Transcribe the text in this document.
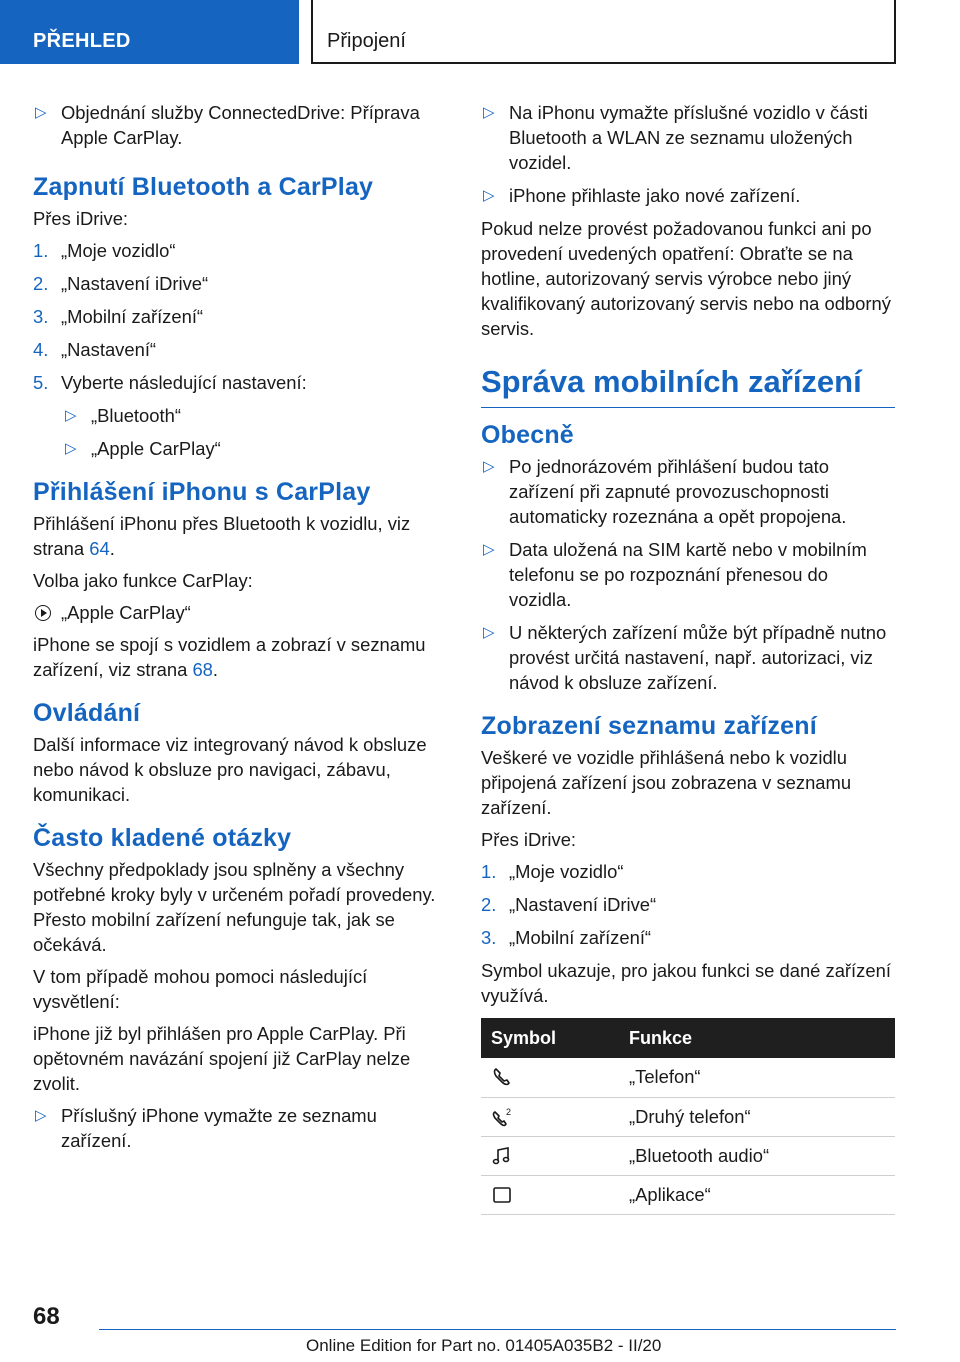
PŘEHLED	Připojení
▷ Objednání služby ConnectedDrive: Příprava Apple CarPlay.
Zapnutí Bluetooth a CarPlay

Přes iDrive:

1. „Moje vozidlo“
2. „Nastavení iDrive“
3. „Mobilní zařízení“
4. „Nastavení“
5. Vyberte následující nastavení:
▷ „Bluetooth“
▷ „Apple CarPlay“
Přihlášení iPhonu s CarPlay

Přihlášení iPhonu přes Bluetooth k vozidlu, viz strana 64.

Volba jako funkce CarPlay:

„Apple CarPlay“

iPhone se spojí s vozidlem a zobrazí v seznamu zařízení, viz strana 68.

Ovládání

Další informace viz integrovaný návod k obsluze nebo návod k obsluze pro navigaci, zábavu, komunikaci.

Často kladené otázky

Všechny předpoklady jsou splněny a všechny potřebné kroky byly v určeném pořadí provedeny. Přesto mobilní zařízení nefunguje tak, jak se očekává.

V tom případě mohou pomoci následující vysvětlení:

iPhone již byl přihlášen pro Apple CarPlay. Při opětovném navázání spojení již CarPlay nelze zvolit.

▷ Příslušný iPhone vymažte ze seznamu zařízení.
▷ Na iPhonu vymažte příslušné vozidlo v části Bluetooth a WLAN ze seznamu uložených vozidel.
▷ iPhone přihlaste jako nové zařízení.

Pokud nelze provést požadovanou funkci ani po provedení uvedených opatření: Obraťte se na hotline, autorizovaný servis výrobce nebo jiný kvalifikovaný autorizovaný servis nebo na odborný servis.

Správa mobilních zařízení
Obecně
▷ Po jednorázovém přihlášení budou tato zařízení při zapnuté provozuschopnosti automaticky rozeznána a opět propojena.
▷ Data uložená na SIM kartě nebo v mobilním telefonu se po rozpoznání přenesou do vozidla.
▷ U některých zařízení může být případně nutno provést určitá nastavení, např. autorizaci, viz návod k obsluze zařízení.
Zobrazení seznamu zařízení

Veškeré ve vozidle přihlášená nebo k vozidlu připojená zařízení jsou zobrazena v seznamu zařízení.

Přes iDrive:

1. „Moje vozidlo“
2. „Nastavení iDrive“
3. „Mobilní zařízení“

Symbol ukazuje, pro jakou funkci se dané zařízení využívá.

Symbol	Funkce

	„Telefon“

2	„Druhý telefon“

	„Bluetooth audio“

	„Aplikace“
68
Online Edition for Part no. 01405A035B2 - II/20
